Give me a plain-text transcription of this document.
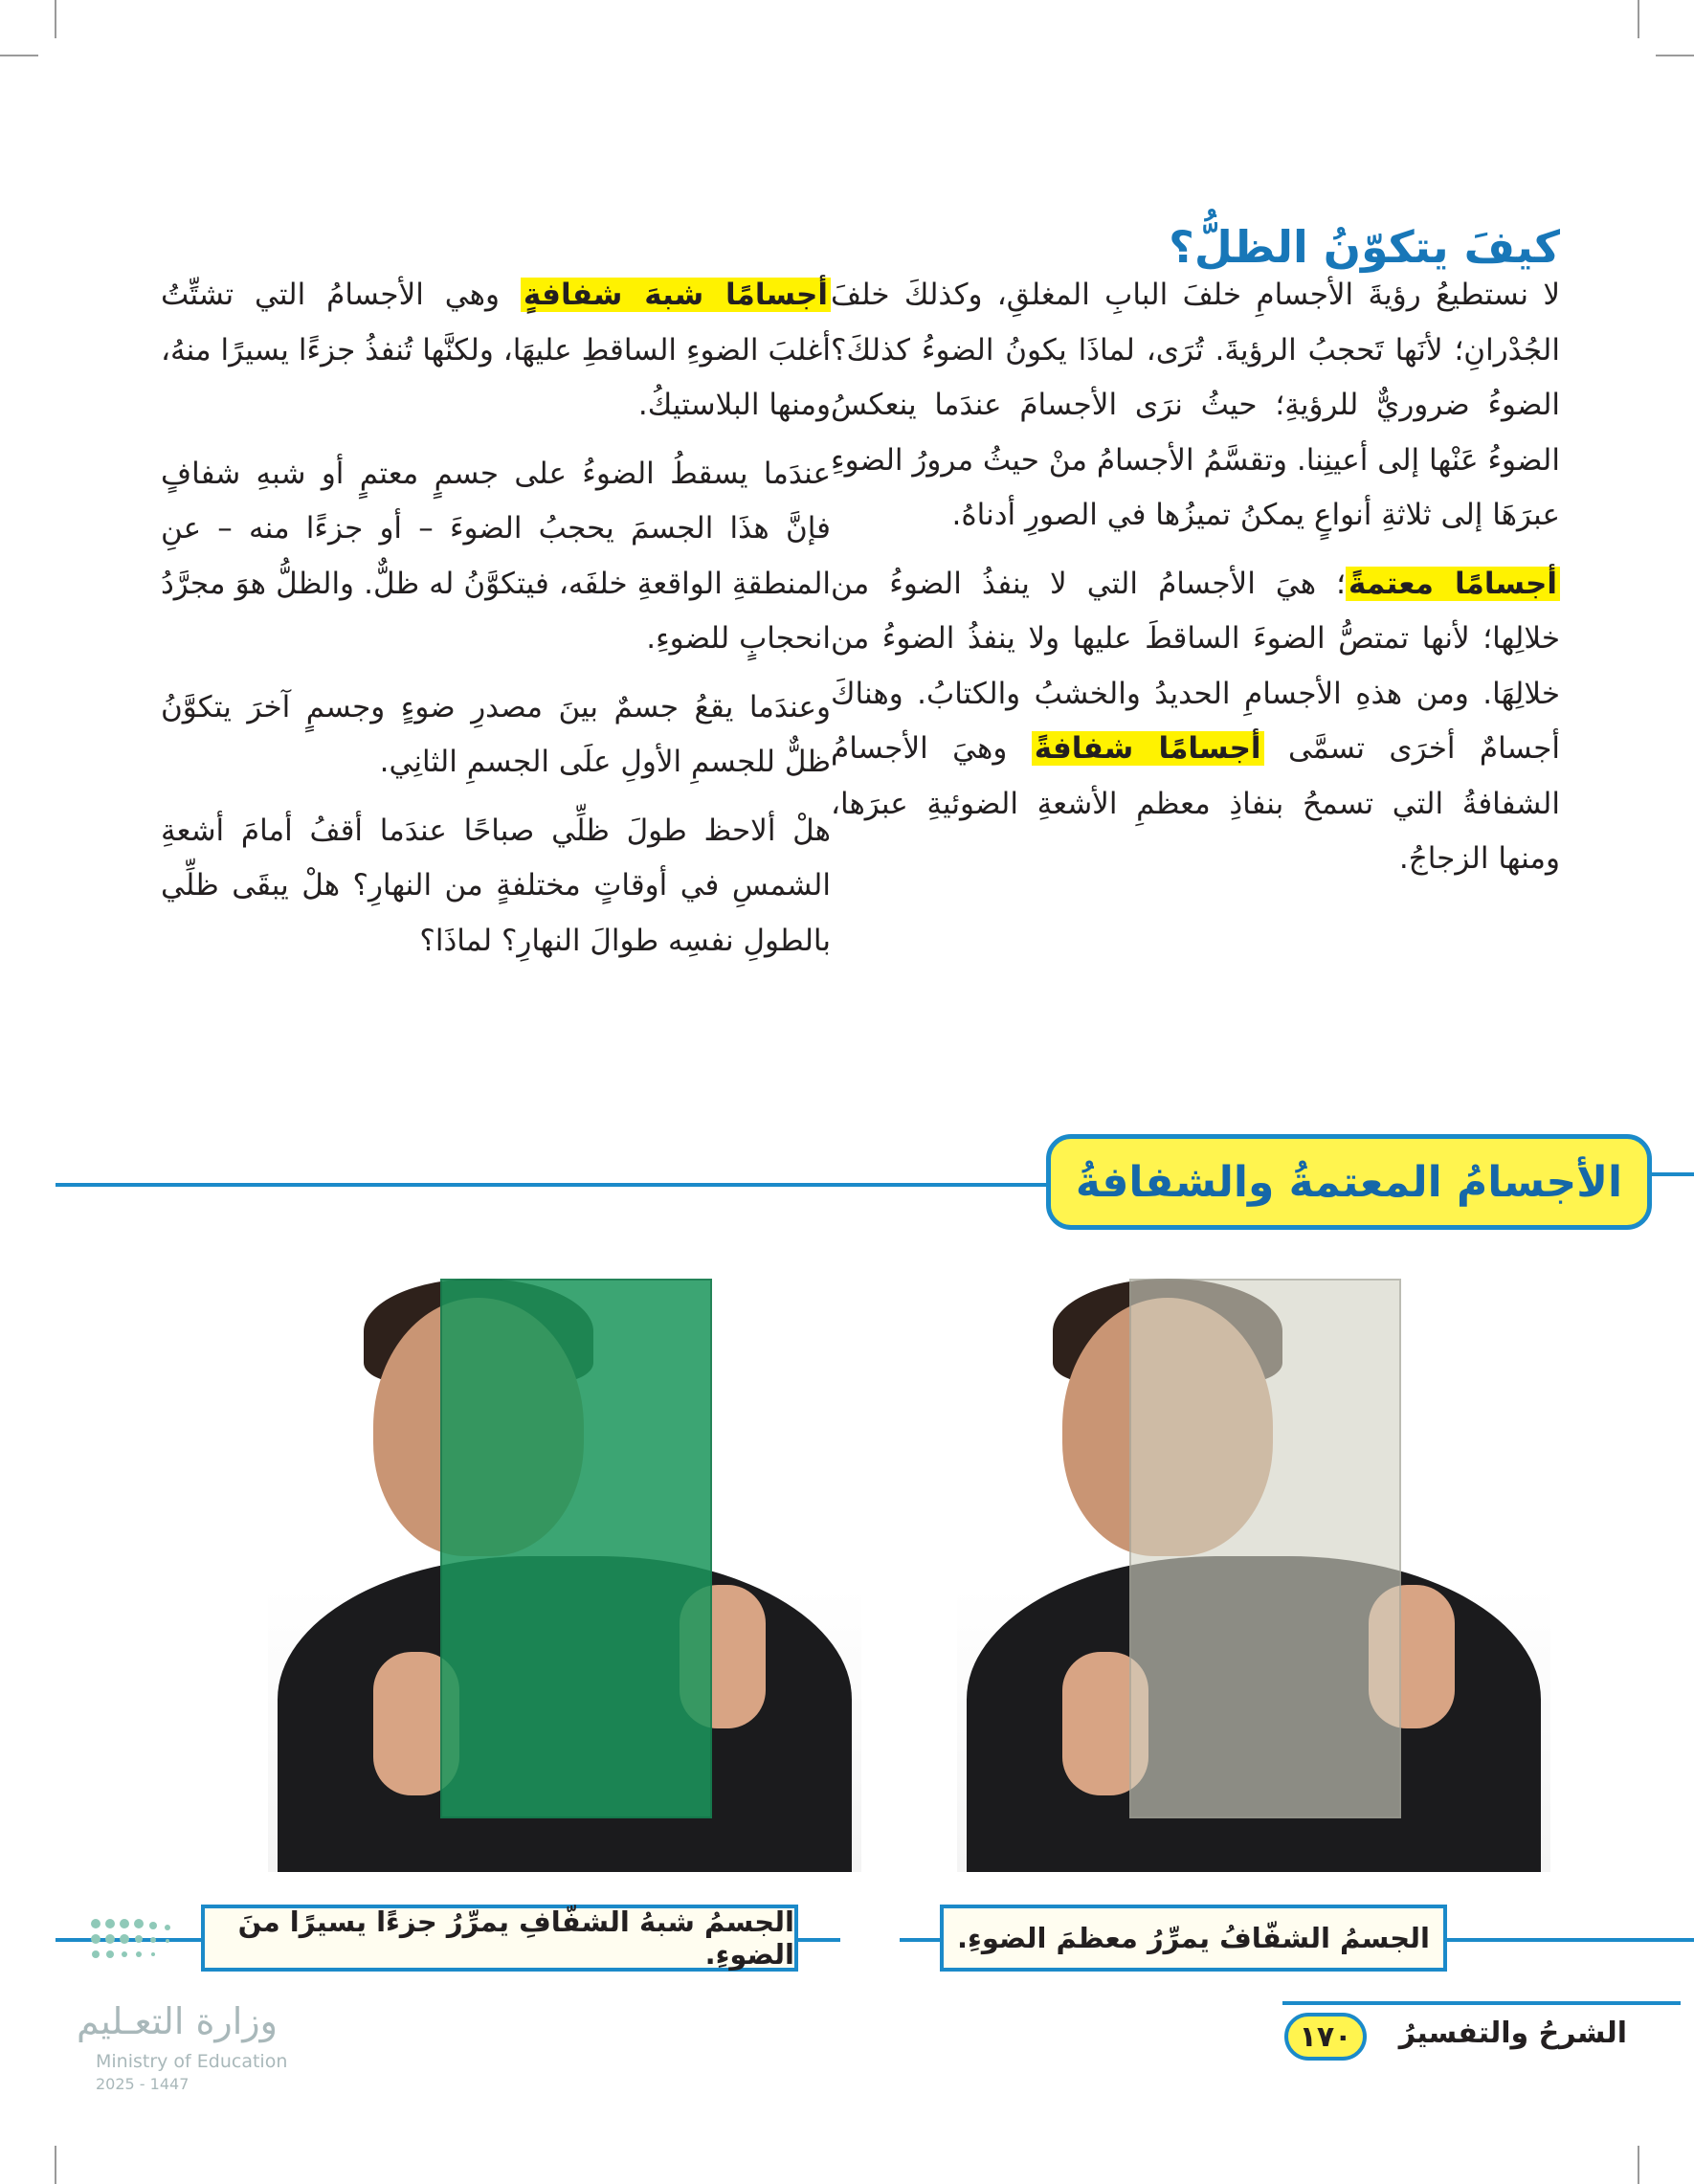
كيفَ يتكوّنُ الظلُّ؟

لا نستطيعُ رؤيةَ الأجسامِ خلفَ البابِ المغلقِ، وكذلكَ خلفَ الجُدْرانِ؛ لأنَها تَحجبُ الرؤيةَ. تُرَى، لماذَا يكونُ الضوءُ كذلكَ؟ الضوءُ ضروريٌّ للرؤيةِ؛ حيثُ نرَى الأجسامَ عندَما ينعكسُ الضوءُ عَنْها إلى أعينِنا. وتقسَّمُ الأجسامُ منْ حيثُ مرورُ الضوءِ عبرَهَا إلى ثلاثةِ أنواعٍ يمكنُ تميزُها في الصورِ أدناهُ.

أجسامًا معتمةً؛ هيَ الأجسامُ التي لا ينفذُ الضوءُ من خلالِها؛ لأنها تمتصُّ الضوءَ الساقطَ عليها ولا ينفذُ الضوءُ من خلالِهَا. ومن هذهِ الأجسامِ الحديدُ والخشبُ والكتابُ. وهناكَ أجسامٌ أخرَى تسمَّى أجسامًا شفافةً وهيَ الأجسامُ الشفافةُ التي تسمحُ بنفاذِ معظمِ الأشعةِ الضوئيةِ عبرَها، ومنها الزجاجُ.

أجسامًا شبهَ شفافةٍ وهي الأجسامُ التي تشتِّتُ أغلبَ الضوءِ الساقطِ عليهَا، ولكنَّها تُنفذُ جزءًا يسيرًا منهُ، ومنها البلاستيكُ.

عندَما يسقطُ الضوءُ على جسمٍ معتمٍ أو شبهِ شفافٍ فإنَّ هذَا الجسمَ يحجبُ الضوءَ – أو جزءًا منه – عنِ المنطقةِ الواقعةِ خلفَه، فيتكوَّنُ له ظلٌّ. والظلُّ هوَ مجرَّدُ انحجابٍ للضوءِ.

وعندَما يقعُ جسمٌ بينَ مصدرِ ضوءٍ وجسمٍ آخرَ يتكوَّنُ ظلٌّ للجسمِ الأولِ علَى الجسمِ الثانِي.

هلْ ألاحظ طولَ ظلِّي صباحًا عندَما أقفُ أمامَ أشعةِ الشمسِ في أوقاتٍ مختلفةٍ من النهارِ؟ هلْ يبقَى ظلِّي بالطولِ نفسِه طوالَ النهارِ؟ لماذَا؟

الأجسامُ المعتمةُ والشفافةُ
الجسمُ الشفّافُ يمرِّرُ معظمَ الضوءِ.
الجسمُ شبهُ الشفّافِ يمرِّرُ جزءًا يسيرًا منَ الضوءِ.
وزارة التعـليم
Ministry of Education
2025 - 1447
الشرحُ والتفسيرُ
١٧٠
